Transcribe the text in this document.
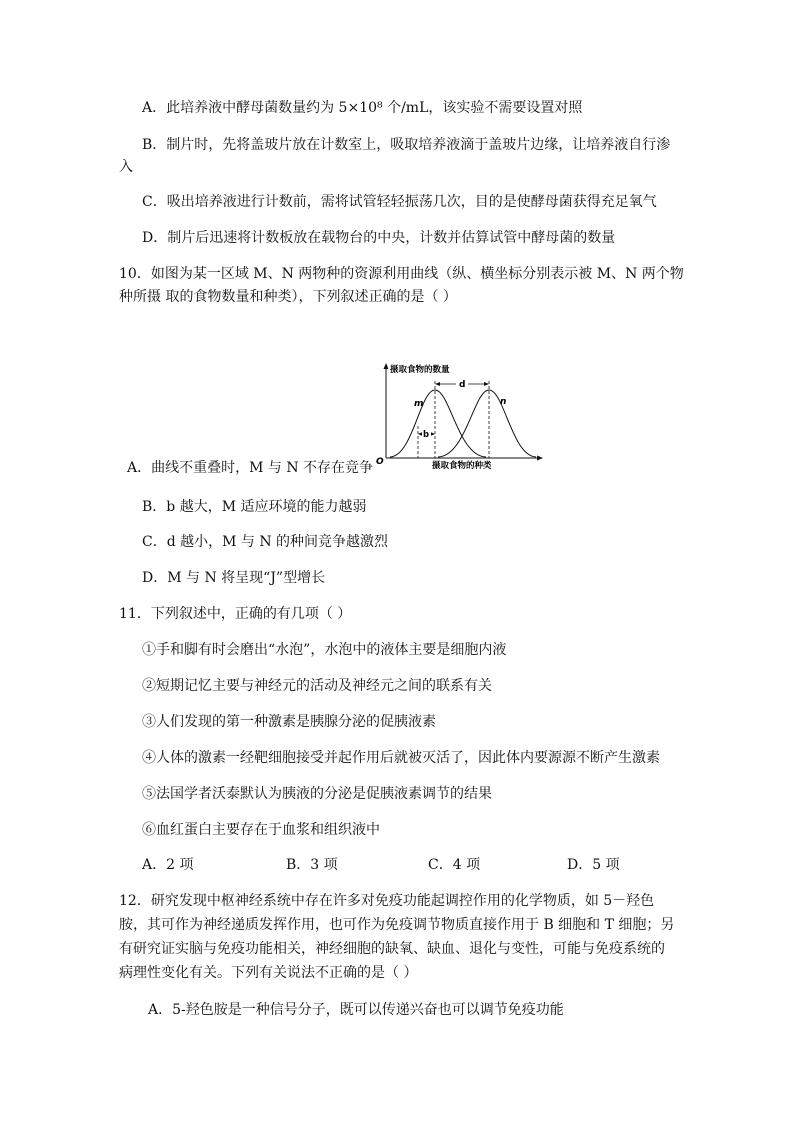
A．此培养液中酵母菌数量约为 5×10⁸ 个/mL，该实验不需要设置对照
B．制片时，先将盖玻片放在计数室上，吸取培养液滴于盖玻片边缘，让培养液自行渗
入
C．吸出培养液进行计数前，需将试管轻轻振荡几次，目的是使酵母菌获得充足氧气
D．制片后迅速将计数板放在载物台的中央，计数并估算试管中酵母菌的数量
10．如图为某一区域 M、N 两物种的资源利用曲线（纵、横坐标分别表示被 M、N 两个物
种所摄 取的食物数量和种类），下列叙述正确的是（ ）
摄取食物的数量
摄取食物的种类
O
m	n
d
b
A．曲线不重叠时，M 与 N 不存在竞争
B．b 越大，M 适应环境的能力越弱
C．d 越小，M 与 N 的种间竞争越激烈
D．M 与 N 将呈现“J”型增长
11．下列叙述中，正确的有几项（ ）
①手和脚有时会磨出“水泡”，水泡中的液体主要是细胞内液
②短期记忆主要与神经元的活动及神经元之间的联系有关
③人们发现的第一种激素是胰腺分泌的促胰液素
④人体的激素一经靶细胞接受并起作用后就被灭活了，因此体内要源源不断产生激素
⑤法国学者沃泰默认为胰液的分泌是促胰液素调节的结果
⑥血红蛋白主要存在于血浆和组织液中
A．2 项	B．3 项	C．4 项	D．5 项
12．研究发现中枢神经系统中存在许多对免疫功能起调控作用的化学物质，如 5－羟色
胺，其可作为神经递质发挥作用，也可作为免疫调节物质直接作用于 B 细胞和 T 细胞；另
有研究证实脑与免疫功能相关，神经细胞的缺氧、缺血、退化与变性，可能与免疫系统的
病理性变化有关。下列有关说法不正确的是（ ）
A．5-羟色胺是一种信号分子，既可以传递兴奋也可以调节免疫功能
